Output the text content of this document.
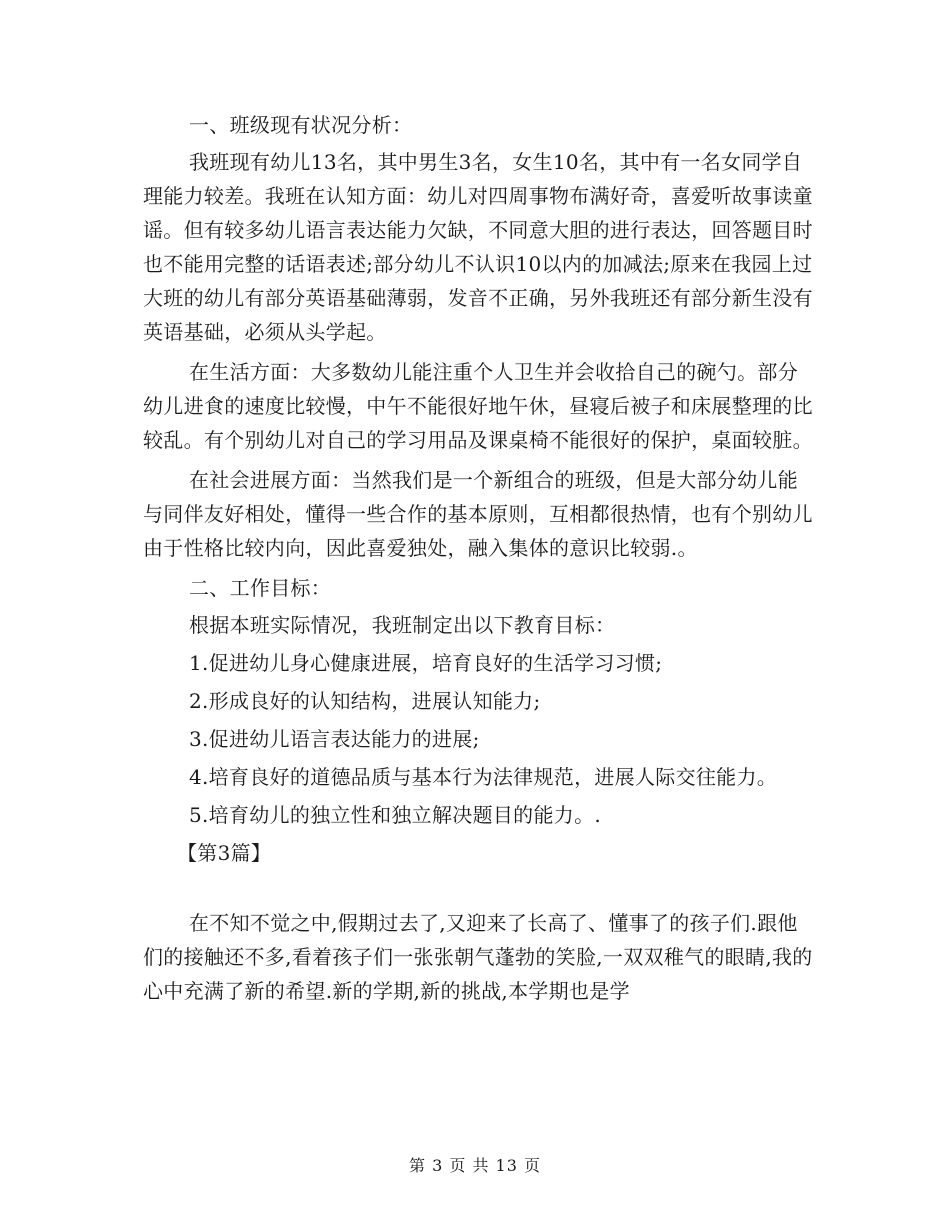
一、班级现有状况分析：

我班现有幼儿13名，其中男生3名，女生10名，其中有一名女同学自理能力较差。我班在认知方面：幼儿对四周事物布满好奇，喜爱听故事读童谣。但有较多幼儿语言表达能力欠缺，不同意大胆的进行表达，回答题目时也不能用完整的话语表述;部分幼儿不认识10以内的加减法;原来在我园上过大班的幼儿有部分英语基础薄弱，发音不正确，另外我班还有部分新生没有英语基础，必须从头学起。

在生活方面：大多数幼儿能注重个人卫生并会收拾自己的碗勺。部分幼儿进食的速度比较慢，中午不能很好地午休，昼寝后被子和床展整理的比较乱。有个别幼儿对自己的学习用品及课桌椅不能很好的保护，桌面较脏。

在社会进展方面：当然我们是一个新组合的班级，但是大部分幼儿能与同伴友好相处，懂得一些合作的基本原则，互相都很热情，也有个别幼儿由于性格比较内向，因此喜爱独处，融入集体的意识比较弱.。

二、工作目标：

根据本班实际情况，我班制定出以下教育目标：

1.促进幼儿身心健康进展，培育良好的生活学习习惯;

2.形成良好的认知结构，进展认知能力;

3.促进幼儿语言表达能力的进展;

4.培育良好的道德品质与基本行为法律规范，进展人际交往能力。

5.培育幼儿的独立性和独立解决题目的能力。.

【第3篇】

在不知不觉之中,假期过去了,又迎来了长高了、懂事了的孩子们.跟他们的接触还不多,看着孩子们一张张朝气蓬勃的笑脸,一双双稚气的眼睛,我的心中充满了新的希望.新的学期,新的挑战,本学期也是学

第 3 页 共 13 页
